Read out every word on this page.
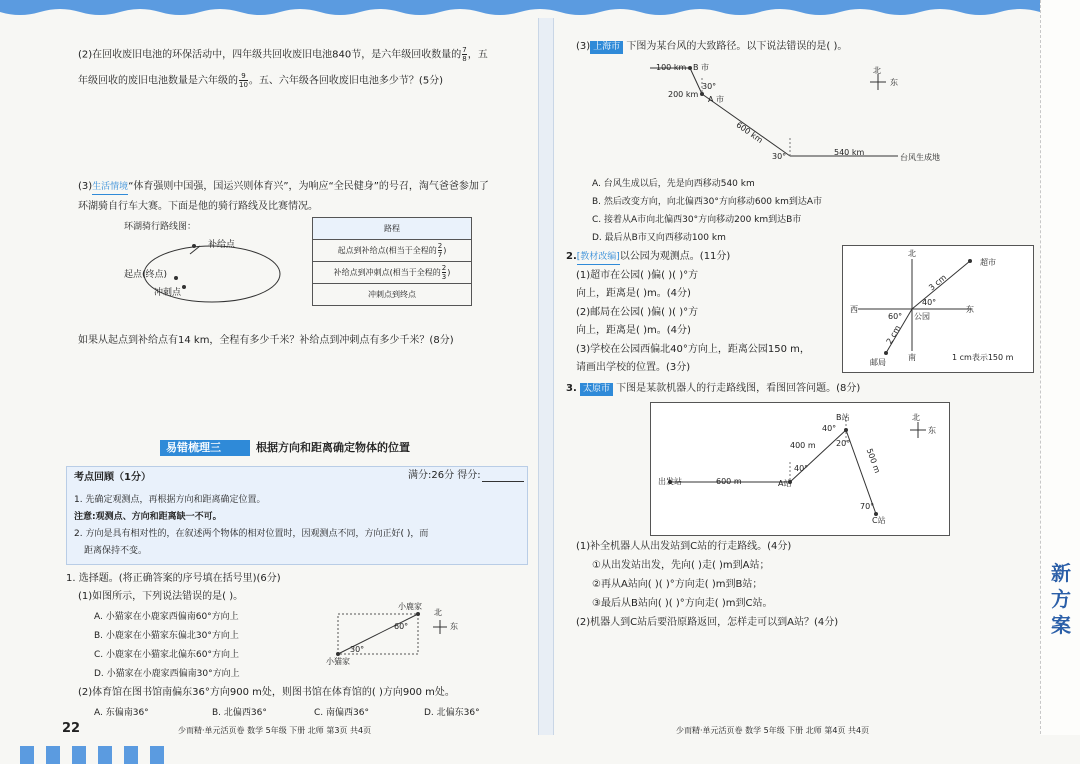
新方案
(2)在回收废旧电池的环保活动中，四年级共回收废旧电池840节，是六年级回收数量的 $\frac{7}{8}$ ，五
年级回收的废旧电池数量是六年级的 $\frac{9}{10}$ 。五、六年级各回收废旧电池多少节？(5分)
(3)生活情境“体育强则中国强，国运兴则体育兴”，为响应“全民健身”的号召，淘气爸爸参加了
环湖骑自行车大赛。下面是他的骑行路线及比赛情况。
环湖骑行路线图：
补给点
起点(终点)
冲刺点
路程
起点到补给点(相当于全程的 $\frac{2}{7}$ )
补给点到冲刺点(相当于全程的 $\frac{2}{3}$ )
冲刺点到终点
如果从起点到补给点有14 km，全程有多少千米？补给点到冲刺点有多少千米？(8分)
易错梳理三	根据方向和距离确定物体的位置
考点回顾（1分）	满分:26分 得分:
1. 先确定观测点，再根据方向和距离确定位置。
注意:观测点、方向和距离缺一不可。
2. 方向是具有相对性的，在叙述两个物体的相对位置时，因观测点不同，方向正好( )，而
距离保持不变。
1. 选择题。(将正确答案的序号填在括号里)(6分)
(1)如图所示，下列说法错误的是( )。
A. 小猫家在小鹿家西偏南60°方向上
B. 小鹿家在小猫家东偏北30°方向上
C. 小鹿家在小猫家北偏东60°方向上
D. 小猫家在小鹿家西偏南30°方向上
小鹿家
60°
30°
小猫家
北
东
(2)体育馆在图书馆南偏东36°方向900 m处，则图书馆在体育馆的( )方向900 m处。
A. 东偏南36°	B. 北偏西36°	C. 南偏西36°	D. 北偏东36°
22	少而精·单元活页卷 数学 5年级 下册 北师 第3页 共4页
(3) 上海市 下图为某台风的大致路径。以下说法错误的是( )。
100 km B 市
30°
200 km
A 市
600 km
30°	540 km
台风生成地
北
东
A. 台风生成以后，先是向西移动540 km
B. 然后改变方向，向北偏西30°方向移动600 km到达A市
C. 接着从A市向北偏西30°方向移动200 km到达B市
D. 最后从B市又向西移动100 km
2.[教材改编]以公园为观测点。(11分)
(1)超市在公园( )偏( )( )°方
向上，距离是( )m。(4分)
(2)邮局在公园( )偏( )( )°方
向上，距离是( )m。(4分)
(3)学校在公园西偏北40°方向上，距离公园150 m，
请画出学校的位置。(3分)
北
南
西	东
超市
3 cm
40°
60° 公园
2 cm
邮局
1 cm表示150 m
3. 太原市 下图是某款机器人的行走路线图，看图回答问题。(8分)
B站
40°
20°
400 m
500 m
40°
出发站	600 m	A站
70°
C站
北
东
(1)补全机器人从出发站到C站的行走路线。(4分)
①从出发站出发，先向( )走( )m到A站；
②再从A站向( )( )°方向走( )m到B站；
③最后从B站向( )( )°方向走( )m到C站。
(2)机器人到C站后要沿原路返回，怎样走可以到A站？(4分)
少而精·单元活页卷 数学 5年级 下册 北师 第4页 共4页
